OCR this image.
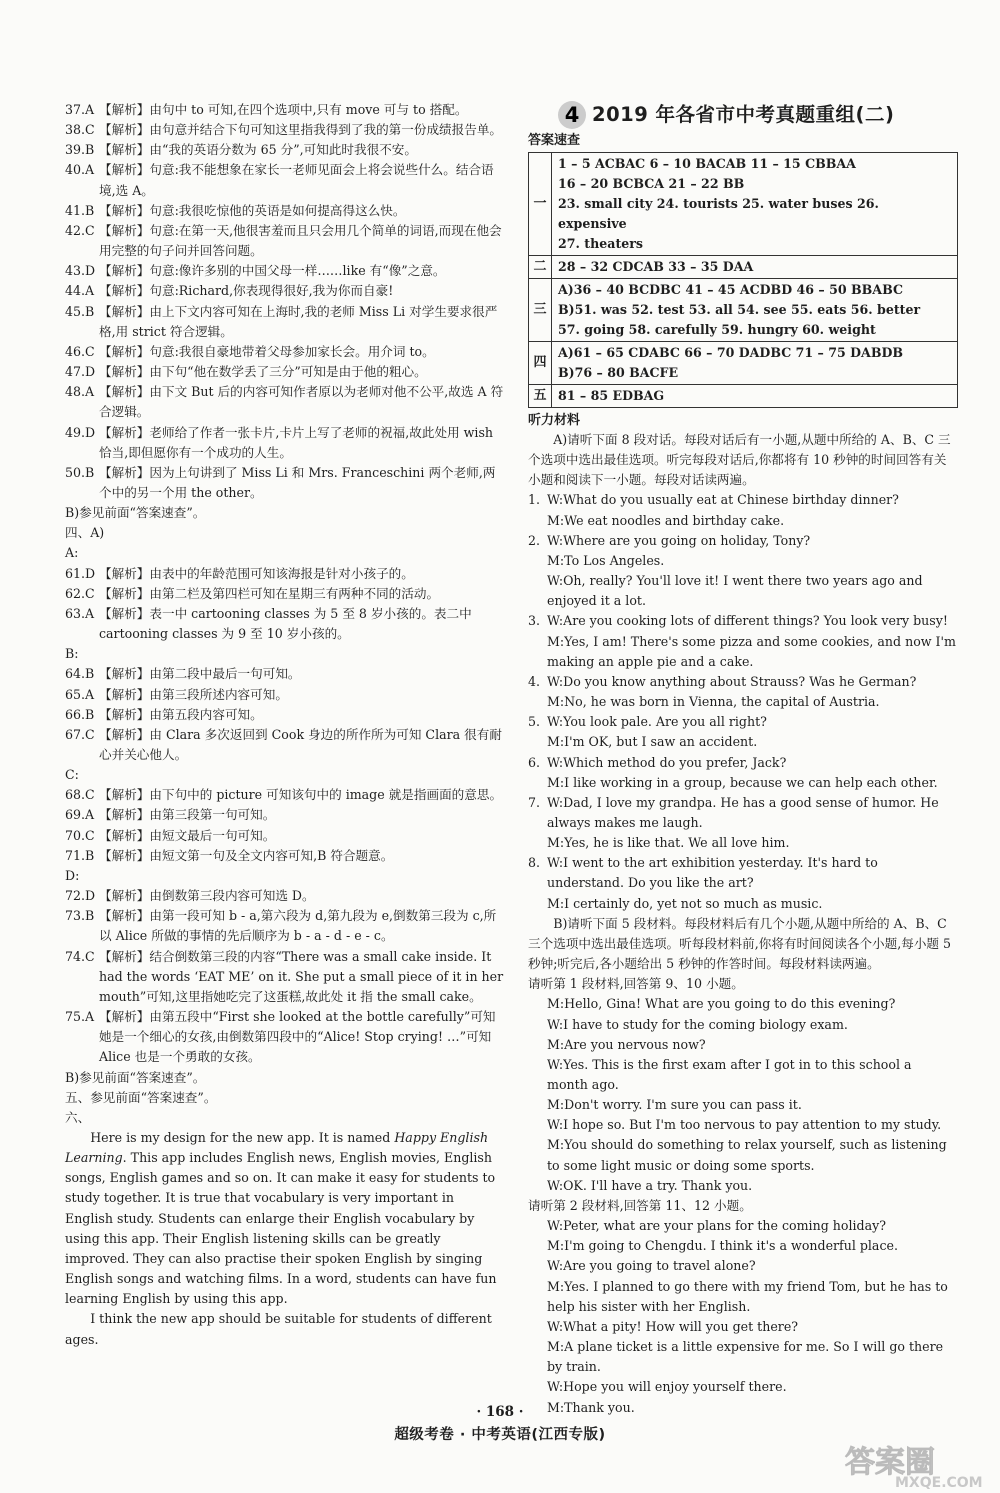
37.A 【解析】由句中 to 可知,在四个选项中,只有 move 可与 to 搭配。
38.C 【解析】由句意并结合下句可知这里指我得到了我的第一份成绩报告单。
39.B 【解析】由“我的英语分数为 65 分”,可知此时我很不安。
40.A 【解析】句意:我不能想象在家长一老师见面会上将会说些什么。结合语境,选 A。
41.B 【解析】句意:我很吃惊他的英语是如何提高得这么快。
42.C 【解析】句意:在第一天,他很害羞而且只会用几个简单的词语,而现在他会用完整的句子问并回答问题。
43.D 【解析】句意:像许多别的中国父母一样……like 有“像”之意。
44.A 【解析】句意:Richard,你表现得很好,我为你而自豪!
45.B 【解析】由上下文内容可知在上海时,我的老师 Miss Li 对学生要求很严格,用 strict 符合逻辑。
46.C 【解析】句意:我很自豪地带着父母参加家长会。用介词 to。
47.D 【解析】由下句“他在数学丢了三分”可知是由于他的粗心。
48.A 【解析】由下文 But 后的内容可知作者原以为老师对他不公平,故选 A 符合逻辑。
49.D 【解析】老师给了作者一张卡片,卡片上写了老师的祝福,故此处用 wish 恰当,即但愿你有一个成功的人生。
50.B 【解析】因为上句讲到了 Miss Li 和 Mrs. Franceschini 两个老师,两个中的另一个用 the other。
B)参见前面“答案速查”。
四、A)
A:
61.D 【解析】由表中的年龄范围可知该海报是针对小孩子的。
62.C 【解析】由第二栏及第四栏可知在星期三有两种不同的活动。
63.A 【解析】表一中 cartooning classes 为 5 至 8 岁小孩的。表二中 cartooning classes 为 9 至 10 岁小孩的。
B:
64.B 【解析】由第二段中最后一句可知。
65.A 【解析】由第三段所述内容可知。
66.B 【解析】由第五段内容可知。
67.C 【解析】由 Clara 多次返回到 Cook 身边的所作所为可知 Clara 很有耐心并关心他人。
C:
68.C 【解析】由下句中的 picture 可知该句中的 image 就是指画面的意思。
69.A 【解析】由第三段第一句可知。
70.C 【解析】由短文最后一句可知。
71.B 【解析】由短文第一句及全文内容可知,B 符合题意。
D:
72.D 【解析】由倒数第三段内容可知选 D。
73.B 【解析】由第一段可知 b - a,第六段为 d,第九段为 e,倒数第三段为 c,所以 Alice 所做的事情的先后顺序为 b - a - d - e - c。
74.C 【解析】结合倒数第三段的内容“There was a small cake inside. It had the words ‘EAT ME’ on it. She put a small piece of it in her mouth”可知,这里指她吃完了这蛋糕,故此处 it 指 the small cake。
75.A 【解析】由第五段中“First she looked at the bottle carefully”可知她是一个细心的女孩,由倒数第四段中的“Alice! Stop crying! …”可知 Alice 也是一个勇敢的女孩。
B)参见前面“答案速查”。
五、参见前面“答案速查”。
六、
Here is my design for the new app. It is named Happy English Learning. This app includes English news, English movies, English songs, English games and so on. It can make it easy for students to study together. It is true that vocabulary is very important in English study. Students can enlarge their English vocabulary by using this app. Their English listening skills can be greatly improved. They can also practise their spoken English by singing English songs and watching films. In a word, students can have fun learning English by using this app.
I think the new app should be suitable for students of different ages.
4 2019 年各省市中考真题重组(二)
答案速查
一	1 – 5 ACBAC 6 – 10 BACAB 11 – 15 CBBAA
16 – 20 BCBCA 21 – 22 BB
23. small city 24. tourists 25. water buses 26. expensive
27. theaters

二	28 – 32 CDCAB 33 – 35 DAA

三	A)36 – 40 BCDBC 41 – 45 ACDBD 46 – 50 BBABC
B)51. was 52. test 53. all 54. see 55. eats 56. better
57. going 58. carefully 59. hungry 60. weight

四	A)61 – 65 CDABC 66 – 70 DADBC 71 – 75 DABDB
B)76 – 80 BACFE

五	81 – 85 EDBAG
听力材料
A)请听下面 8 段对话。每段对话后有一小题,从题中所给的 A、B、C 三个选项中选出最佳选项。听完每段对话后,你都将有 10 秒钟的时间回答有关小题和阅读下一小题。每段对话读两遍。
1. W:What do you usually eat at Chinese birthday dinner?
M:We eat noodles and birthday cake.
2. W:Where are you going on holiday, Tony?
M:To Los Angeles.
W:Oh, really? You'll love it! I went there two years ago and enjoyed it a lot.
3. W:Are you cooking lots of different things? You look very busy!
M:Yes, I am! There's some pizza and some cookies, and now I'm making an apple pie and a cake.
4. W:Do you know anything about Strauss? Was he German?
M:No, he was born in Vienna, the capital of Austria.
5. W:You look pale. Are you all right?
M:I'm OK, but I saw an accident.
6. W:Which method do you prefer, Jack?
M:I like working in a group, because we can help each other.
7. W:Dad, I love my grandpa. He has a good sense of humor. He always makes me laugh.
M:Yes, he is like that. We all love him.
8. W:I went to the art exhibition yesterday. It's hard to understand. Do you like the art?
M:I certainly do, yet not so much as music.
B)请听下面 5 段材料。每段材料后有几个小题,从题中所给的 A、B、C 三个选项中选出最佳选项。听每段材料前,你将有时间阅读各个小题,每小题 5 秒钟;听完后,各小题给出 5 秒钟的作答时间。每段材料读两遍。
请听第 1 段材料,回答第 9、10 小题。
M:Hello, Gina! What are you going to do this evening?
W:I have to study for the coming biology exam.
M:Are you nervous now?
W:Yes. This is the first exam after I got in to this school a month ago.
M:Don't worry. I'm sure you can pass it.
W:I hope so. But I'm too nervous to pay attention to my study.
M:You should do something to relax yourself, such as listening to some light music or doing some sports.
W:OK. I'll have a try. Thank you.
请听第 2 段材料,回答第 11、12 小题。
W:Peter, what are your plans for the coming holiday?
M:I'm going to Chengdu. I think it's a wonderful place.
W:Are you going to travel alone?
M:Yes. I planned to go there with my friend Tom, but he has to help his sister with her English.
W:What a pity! How will you get there?
M:A plane ticket is a little expensive for me. So I will go there by train.
W:Hope you will enjoy yourself there.
M:Thank you.
· 168 ·
超级考卷 · 中考英语(江西专版)
答案圈
MXQE.COM
